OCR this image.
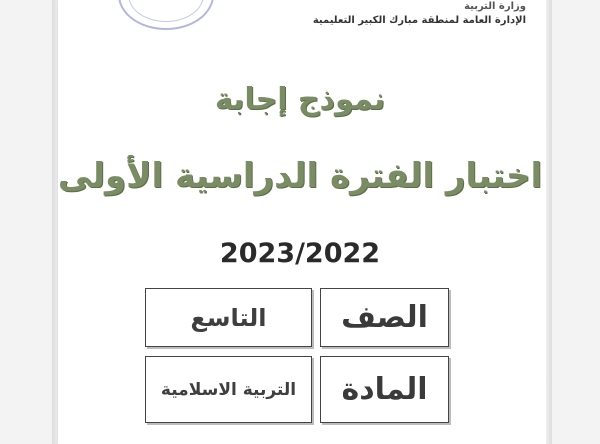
وزارة التربية
الإدارة العامة لمنطقة مبارك الكبير التعليمية
نموذج إجابة
اختبار الفترة الدراسية الأولى
2023/2022
الصف
التاسع
المادة
التربية الاسلامية
